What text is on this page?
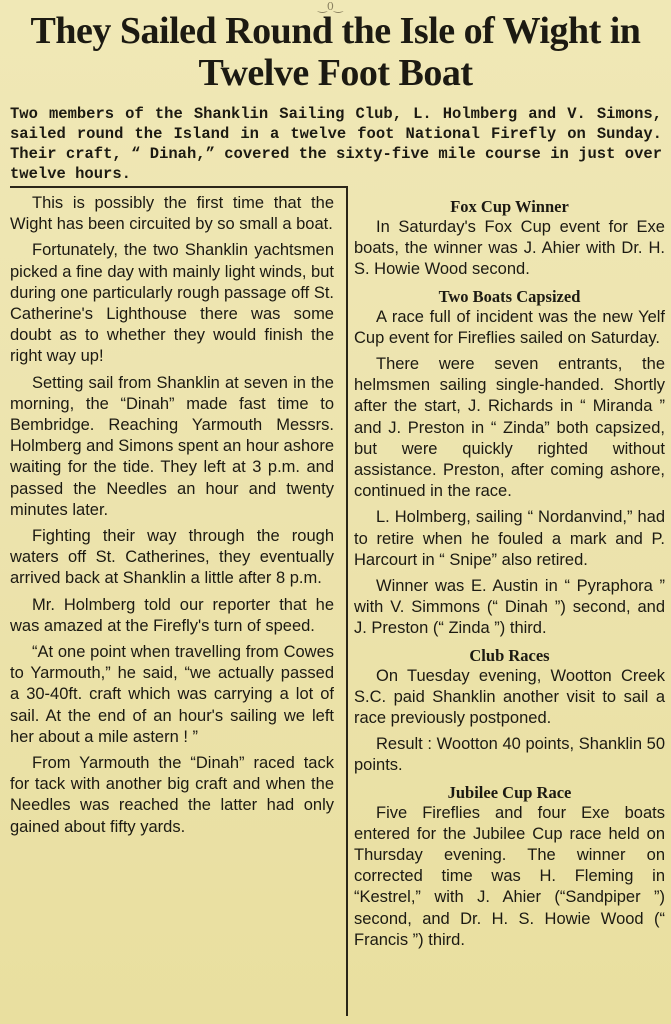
‿0‿
They Sailed Round the Isle of Wight in Twelve Foot Boat

Two members of the Shanklin Sailing Club, L. Holmberg and V. Simons, sailed round the Island in a twelve foot National Firefly on Sunday. Their craft, “ Dinah,” covered the sixty-five mile course in just over twelve hours.

This is possibly the first time that the Wight has been circuited by so small a boat.

Fortunately, the two Shanklin yachtsmen picked a fine day with mainly light winds, but during one particularly rough passage off St. Catherine's Lighthouse there was some doubt as to whether they would finish the right way up!

Setting sail from Shanklin at seven in the morning, the “Dinah” made fast time to Bembridge. Reaching Yarmouth Messrs. Holmberg and Simons spent an hour ashore waiting for the tide. They left at 3 p.m. and passed the Needles an hour and twenty minutes later.

Fighting their way through the rough waters off St. Catherines, they eventually arrived back at Shanklin a little after 8 p.m.

Mr. Holmberg told our reporter that he was amazed at the Firefly's turn of speed.

“At one point when travelling from Cowes to Yarmouth,” he said, “we actually passed a 30-40ft. craft which was carrying a lot of sail. At the end of an hour's sailing we left her about a mile astern ! ”

From Yarmouth the “Dinah” raced tack for tack with another big craft and when the Needles was reached the latter had only gained about fifty yards.

Fox Cup Winner

In Saturday's Fox Cup event for Exe boats, the winner was J. Ahier with Dr. H. S. Howie Wood second.

Two Boats Capsized

A race full of incident was the new Yelf Cup event for Fireflies sailed on Saturday.

There were seven entrants, the helmsmen sailing single-handed. Shortly after the start, J. Richards in “ Miranda ” and J. Preston in “ Zinda” both capsized, but were quickly righted without assistance. Preston, after coming ashore, continued in the race.

L. Holmberg, sailing “ Nordanvind,” had to retire when he fouled a mark and P. Harcourt in “ Snipe” also retired.

Winner was E. Austin in “ Pyraphora ” with V. Simmons (“ Dinah ”) second, and J. Preston (“ Zinda ”) third.

Club Races

On Tuesday evening, Wootton Creek S.C. paid Shanklin another visit to sail a race previously postponed.

Result : Wootton 40 points, Shanklin 50 points.

Jubilee Cup Race

Five Fireflies and four Exe boats entered for the Jubilee Cup race held on Thursday evening. The winner on corrected time was H. Fleming in “Kestrel,” with J. Ahier (“Sandpiper ”) second, and Dr. H. S. Howie Wood (“ Francis ”) third.
